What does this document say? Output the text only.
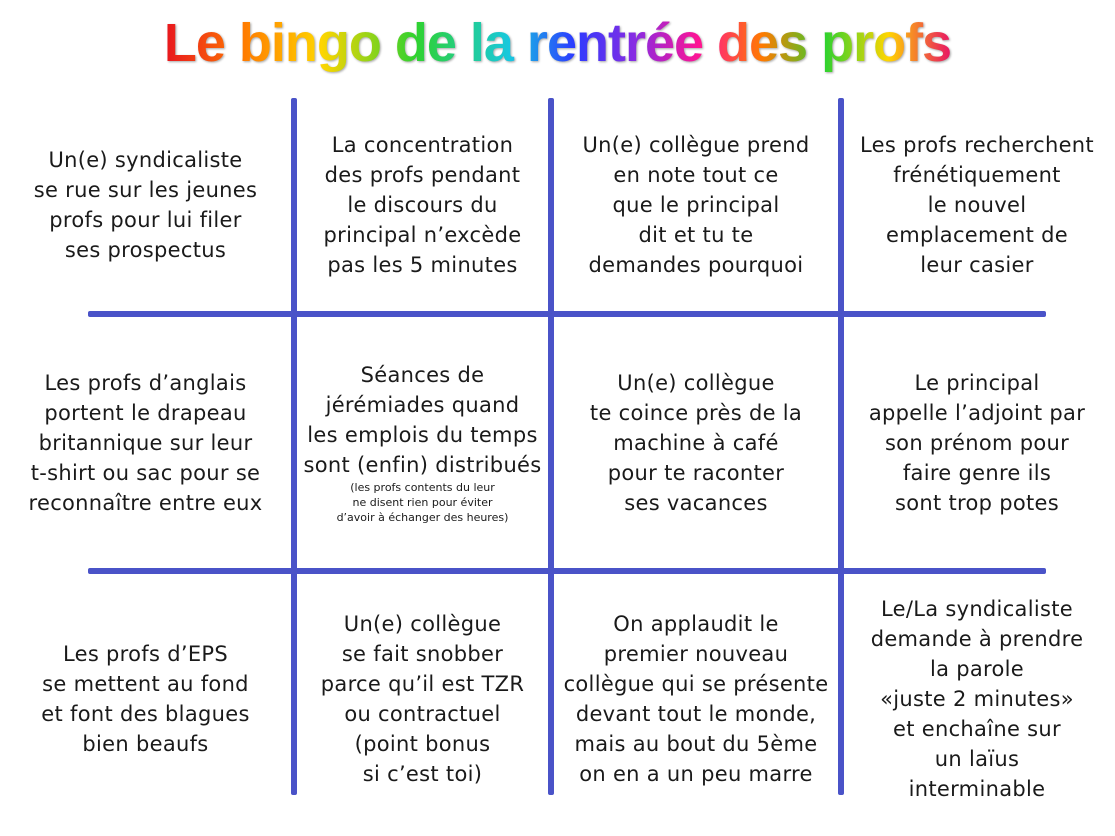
Le bingo de la rentrée des profs
Un(e) syndicaliste
se rue sur les jeunes
profs pour lui filer
ses prospectus
La concentration
des profs pendant
le discours du
principal n’excède
pas les 5 minutes
Un(e) collègue prend
en note tout ce
que le principal
dit et tu te
demandes pourquoi
Les profs recherchent
frénétiquement
le nouvel
emplacement de
leur casier
Les profs d’anglais
portent le drapeau
britannique sur leur
t-shirt ou sac pour se
reconnaître entre eux
Séances de
jérémiades quand
les emplois du temps
sont (enfin) distribués
(les profs contents du leur
ne disent rien pour éviter
d’avoir à échanger des heures)
Un(e) collègue
te coince près de la
machine à café
pour te raconter
ses vacances
Le principal
appelle l’adjoint par
son prénom pour
faire genre ils
sont trop potes
Les profs d’EPS
se mettent au fond
et font des blagues
bien beaufs
Un(e) collègue
se fait snobber
parce qu’il est TZR
ou contractuel
(point bonus
si c’est toi)
On applaudit le
premier nouveau
collègue qui se présente
devant tout le monde,
mais au bout du 5ème
on en a un peu marre
Le/La syndicaliste
demande à prendre
la parole
«juste 2 minutes»
et enchaîne sur
un laïus
interminable
